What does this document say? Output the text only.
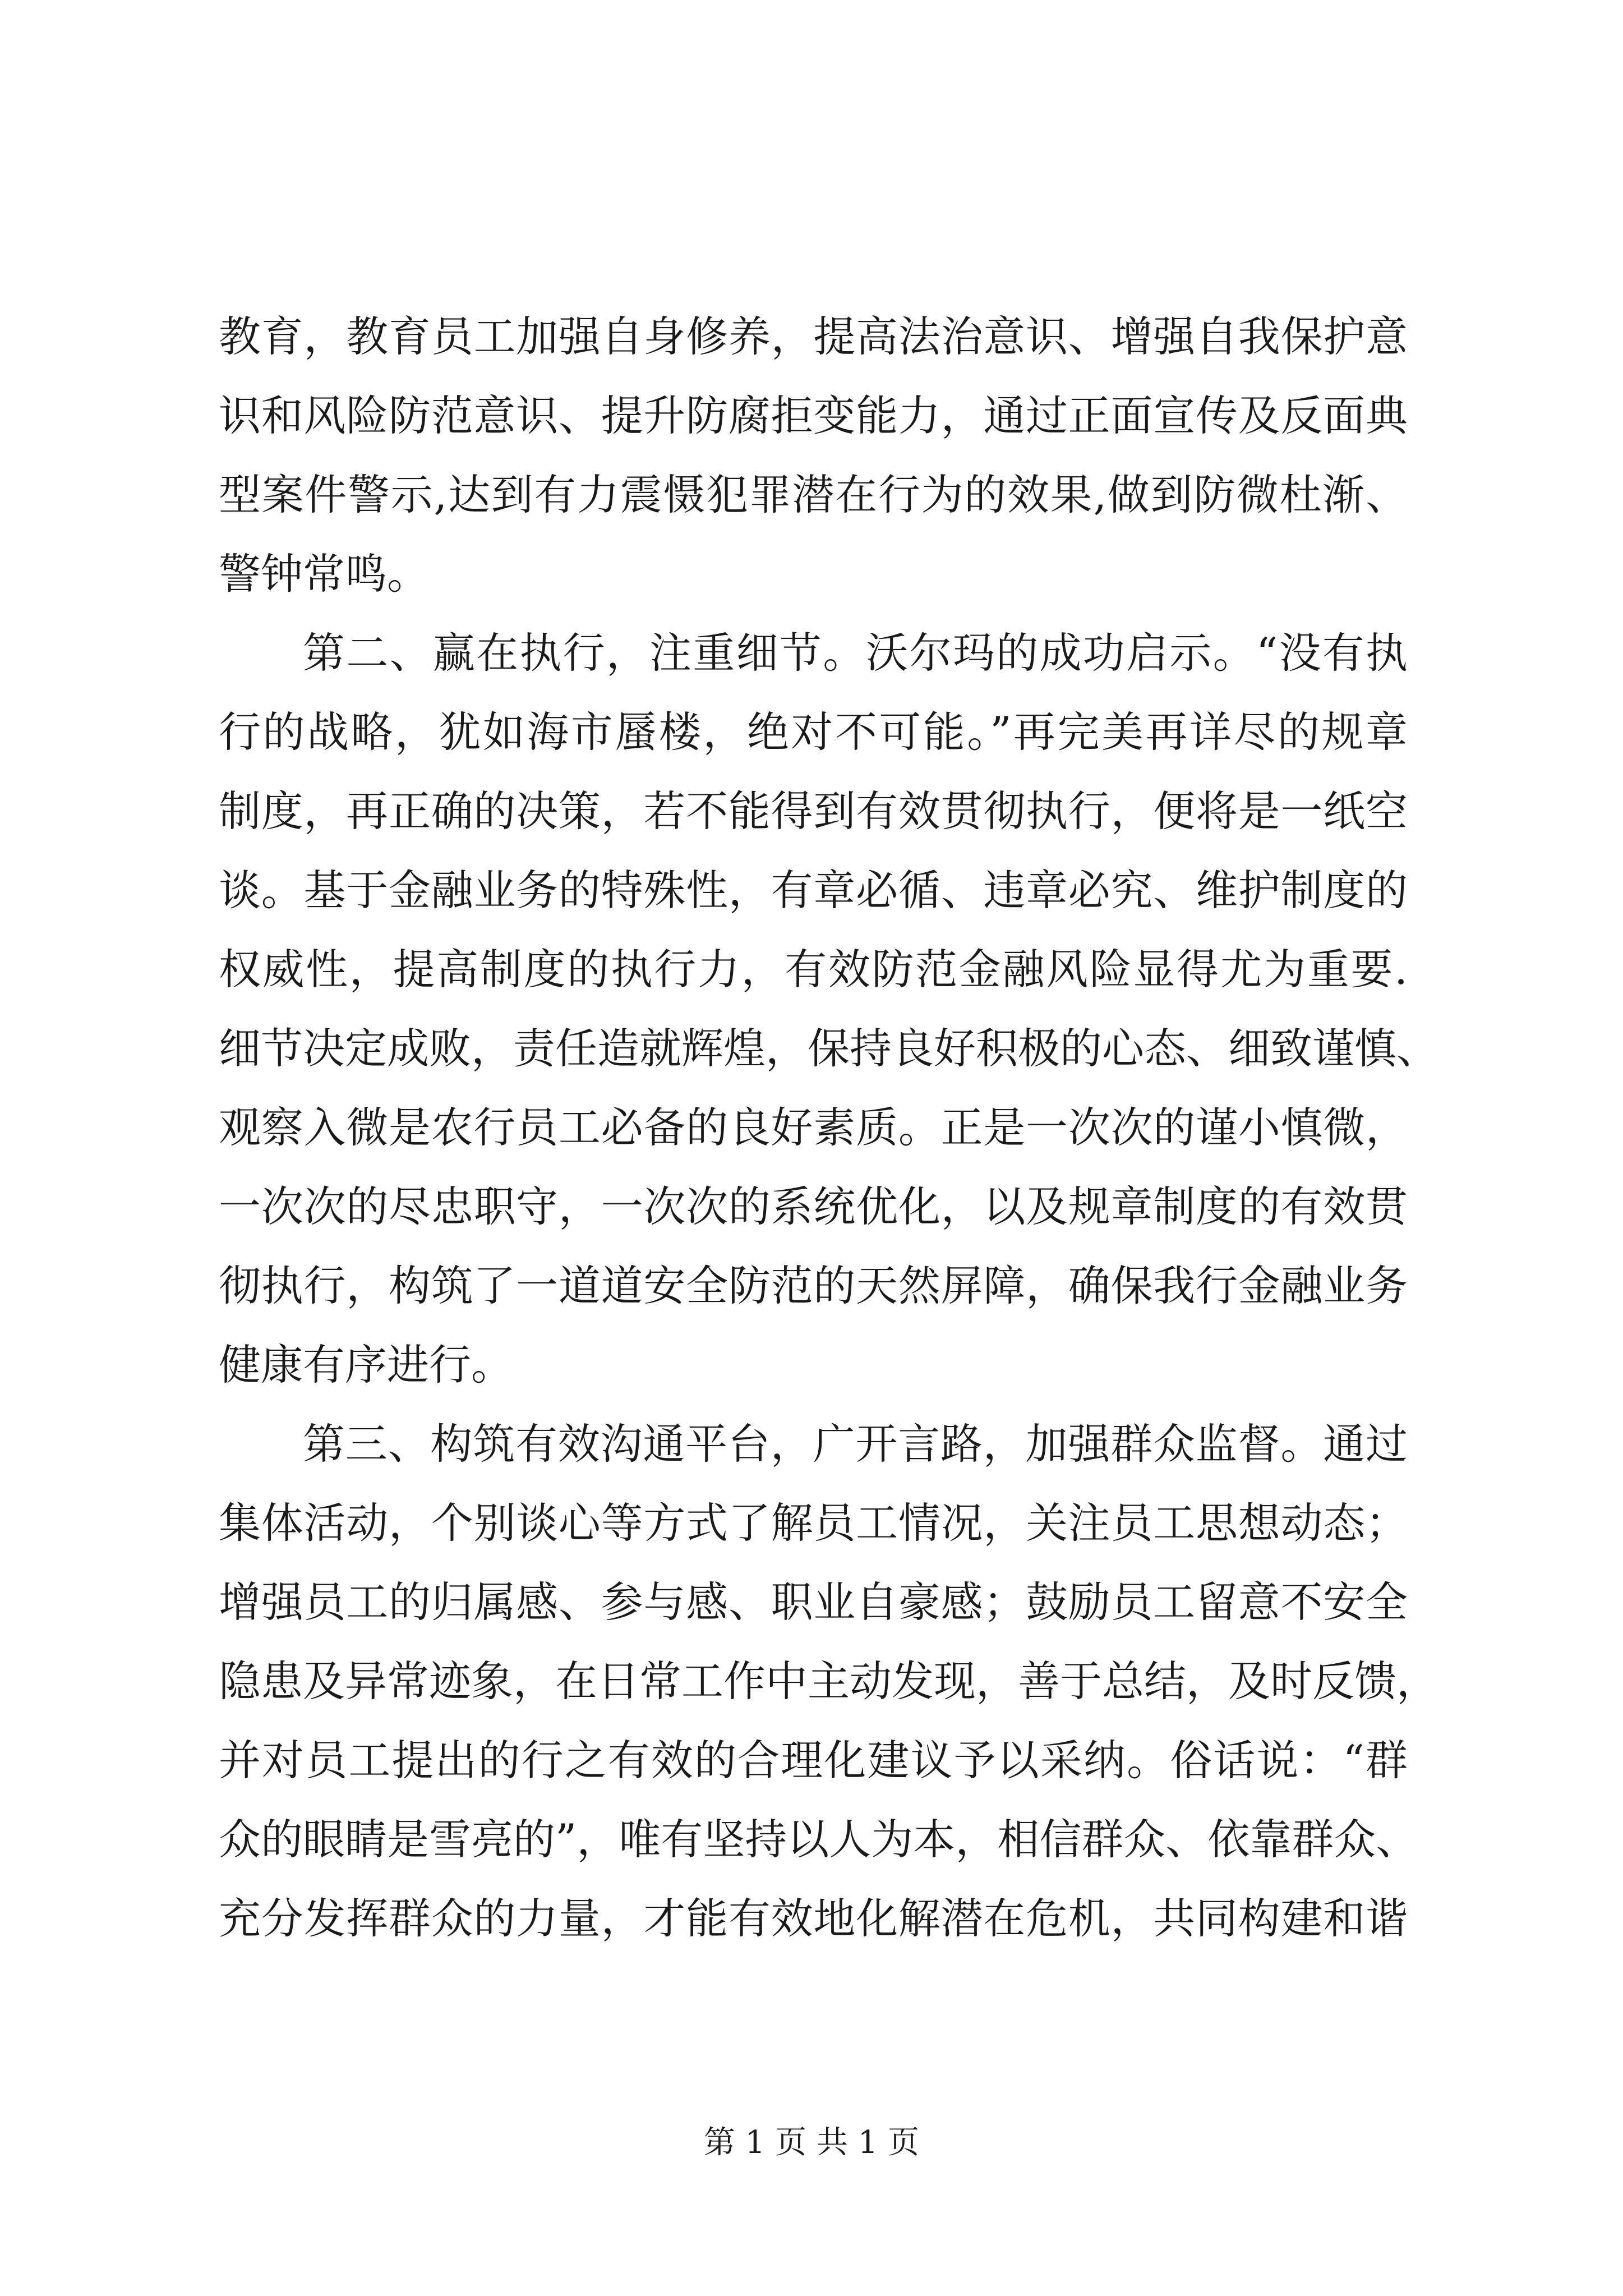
教育，教育员工加强自身修养，提高法治意识、增强自我保护意
识和风险防范意识、提升防腐拒变能力，通过正面宣传及反面典
型案件警示,达到有力震慑犯罪潜在行为的效果,做到防微杜渐、
警钟常鸣。
第二、赢在执行，注重细节。沃尔玛的成功启示。“没有执
行的战略，犹如海市蜃楼，绝对不可能。”再完美再详尽的规章
制度，再正确的决策，若不能得到有效贯彻执行，便将是一纸空
谈。基于金融业务的特殊性，有章必循、违章必究、维护制度的
权威性，提高制度的执行力，有效防范金融风险显得尤为重要.
细节决定成败，责任造就辉煌，保持良好积极的心态、细致谨慎、
观察入微是农行员工必备的良好素质。正是一次次的谨小慎微，
一次次的尽忠职守，一次次的系统优化，以及规章制度的有效贯
彻执行，构筑了一道道安全防范的天然屏障，确保我行金融业务
健康有序进行。
第三、构筑有效沟通平台，广开言路，加强群众监督。通过
集体活动，个别谈心等方式了解员工情况，关注员工思想动态；
增强员工的归属感、参与感、职业自豪感；鼓励员工留意不安全
隐患及异常迹象，在日常工作中主动发现，善于总结，及时反馈，
并对员工提出的行之有效的合理化建议予以采纳。俗话说：“群
众的眼睛是雪亮的”，唯有坚持以人为本，相信群众、依靠群众、
充分发挥群众的力量，才能有效地化解潜在危机，共同构建和谐
第 1 页 共 1 页
